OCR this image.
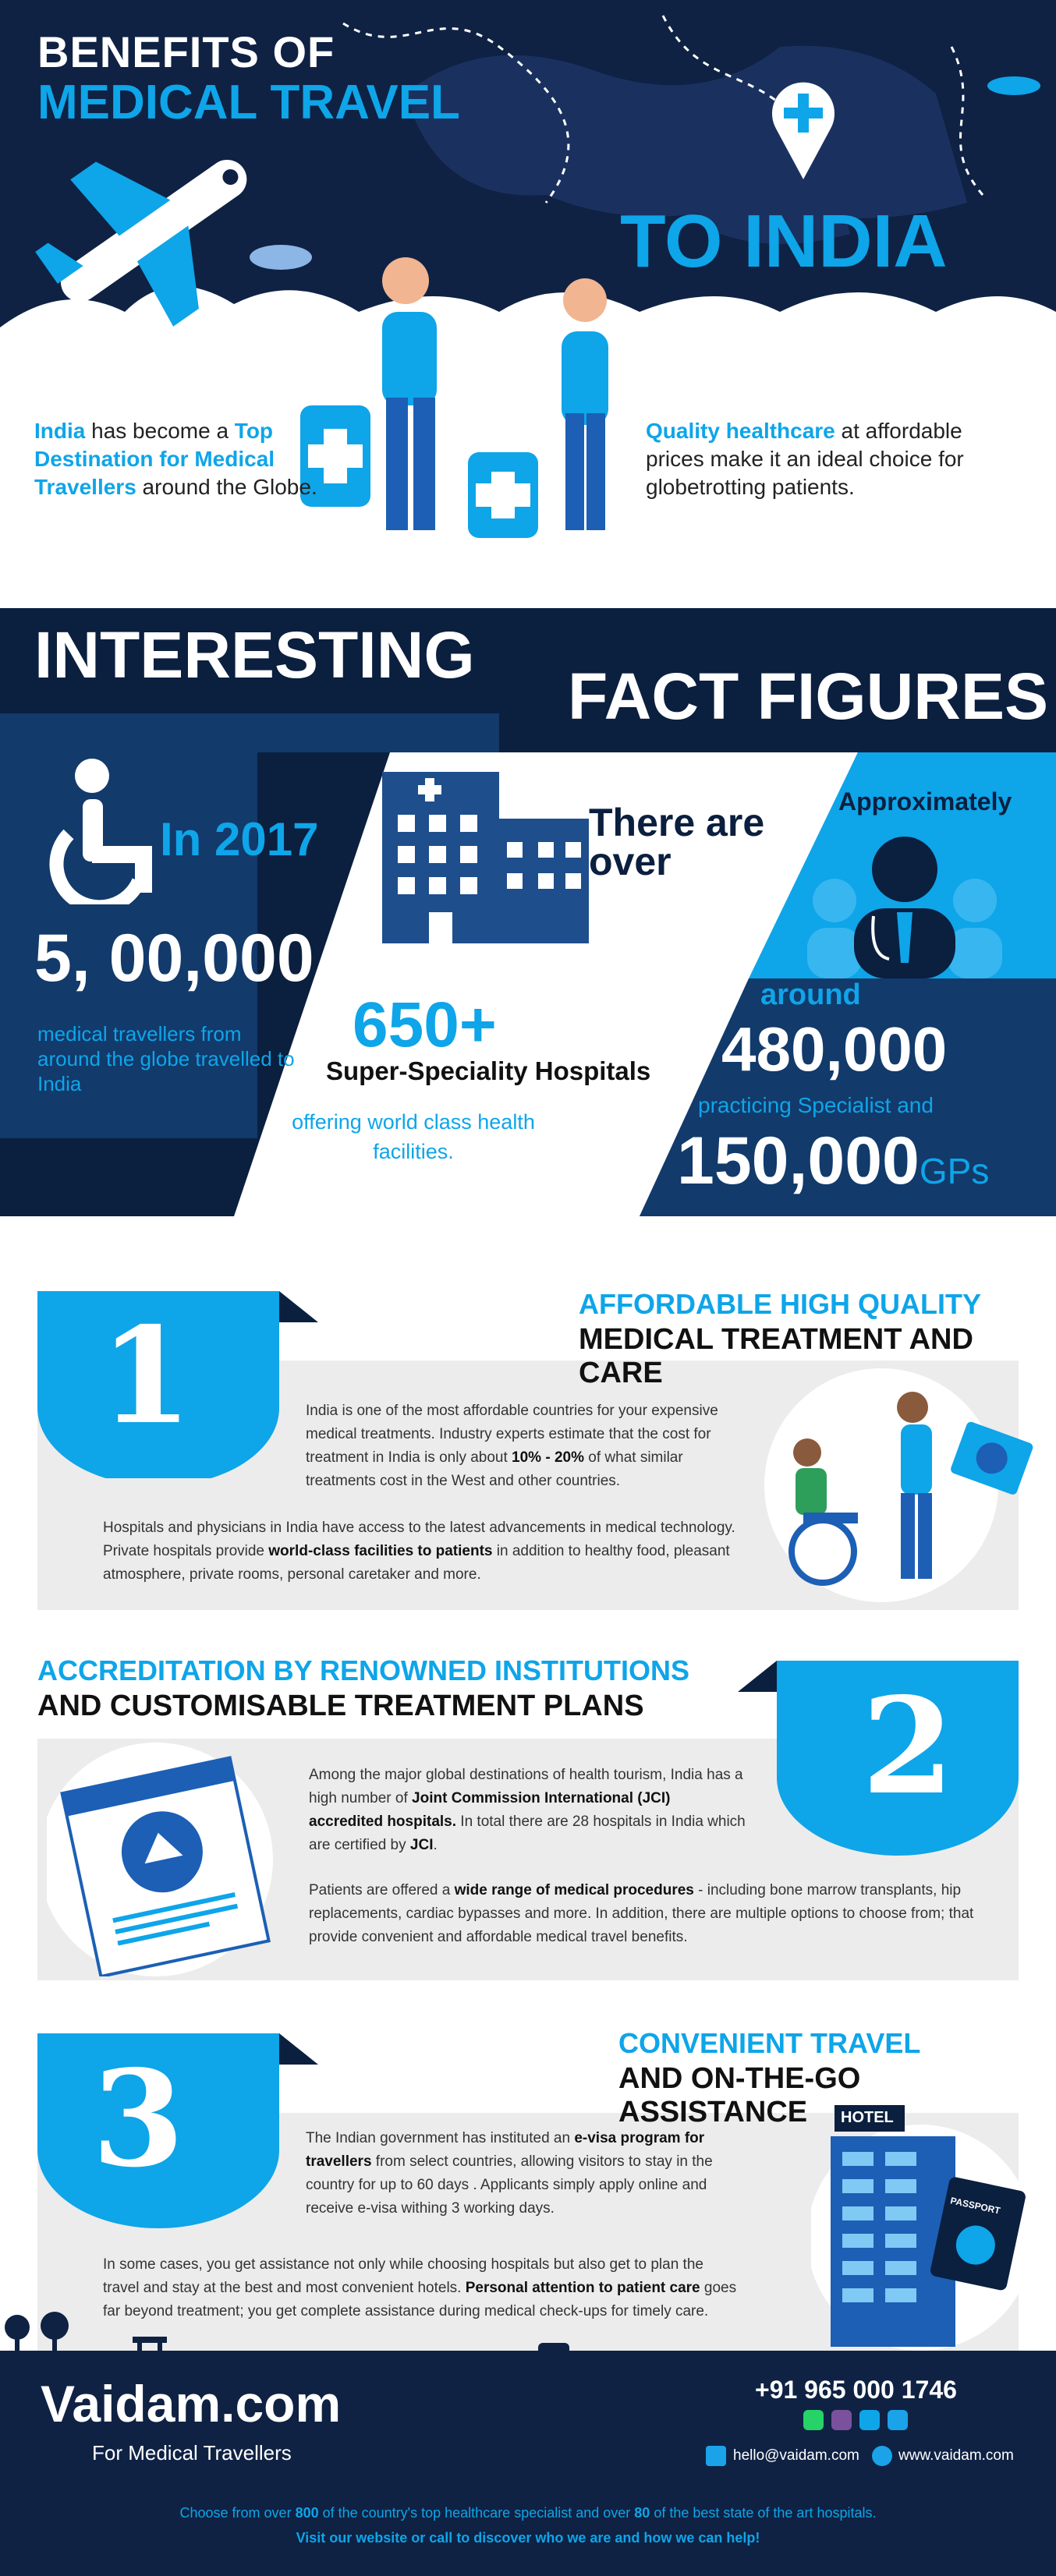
BENEFITS OF
MEDICAL TRAVEL
TO INDIA
India has become a Top Destination for Medical Travellers around the Globe.
Quality healthcare at affordable prices make it an ideal choice for globetrotting patients.
INTERESTING
FACT FIGURES
In 2017
5, 00,000
medical travellers from around the globe travelled to India
There are over
650+
Super-Speciality Hospitals
offering world class health facilities.
Approximately
around
480,000
practicing Specialist and
150,000GPs
1	AFFORDABLE HIGH QUALITY
MEDICAL TREATMENT AND CARE
India is one of the most affordable countries for your expensive medical treatments. Industry experts estimate that the cost for treatment in India is only about 10% - 20% of what similar treatments cost in the West and other countries.
Hospitals and physicians in India have access to the latest advancements in medical technology. Private hospitals provide world-class facilities to patients in addition to healthy food, pleasant atmosphere, private rooms, personal caretaker and more.
2
ACCREDITATION BY RENOWNED INSTITUTIONS
AND CUSTOMISABLE TREATMENT PLANS
Among the major global destinations of health tourism, India has a high number of Joint Commission International (JCI) accredited hospitals. In total there are 28 hospitals in India which are certified by JCI.
Patients are offered a wide range of medical procedures - including bone marrow transplants, hip replacements, cardiac bypasses and more. In addition, there are multiple options to choose from; that provide convenient and affordable medical travel benefits.
3	CONVENIENT TRAVEL
AND ON-THE-GO ASSISTANCE
The Indian government has instituted an e-visa program for travellers from select countries, allowing visitors to stay in the country for up to 60 days . Applicants simply apply online and receive e-visa withing 3 working days.
In some cases, you get assistance not only while choosing hospitals but also get to plan the travel and stay at the best and most convenient hotels. Personal attention to patient care goes far beyond treatment; you get complete assistance during medical check-ups for timely care.
HOTEL
PASSPORT
Vaidam.com
For Medical Travellers
+91 965 000 1746
hello@vaidam.com	www.vaidam.com
Choose from over 800 of the country's top healthcare specialist and over 80 of the best state of the art hospitals.
Visit our website or call to discover who we are and how we can help!
